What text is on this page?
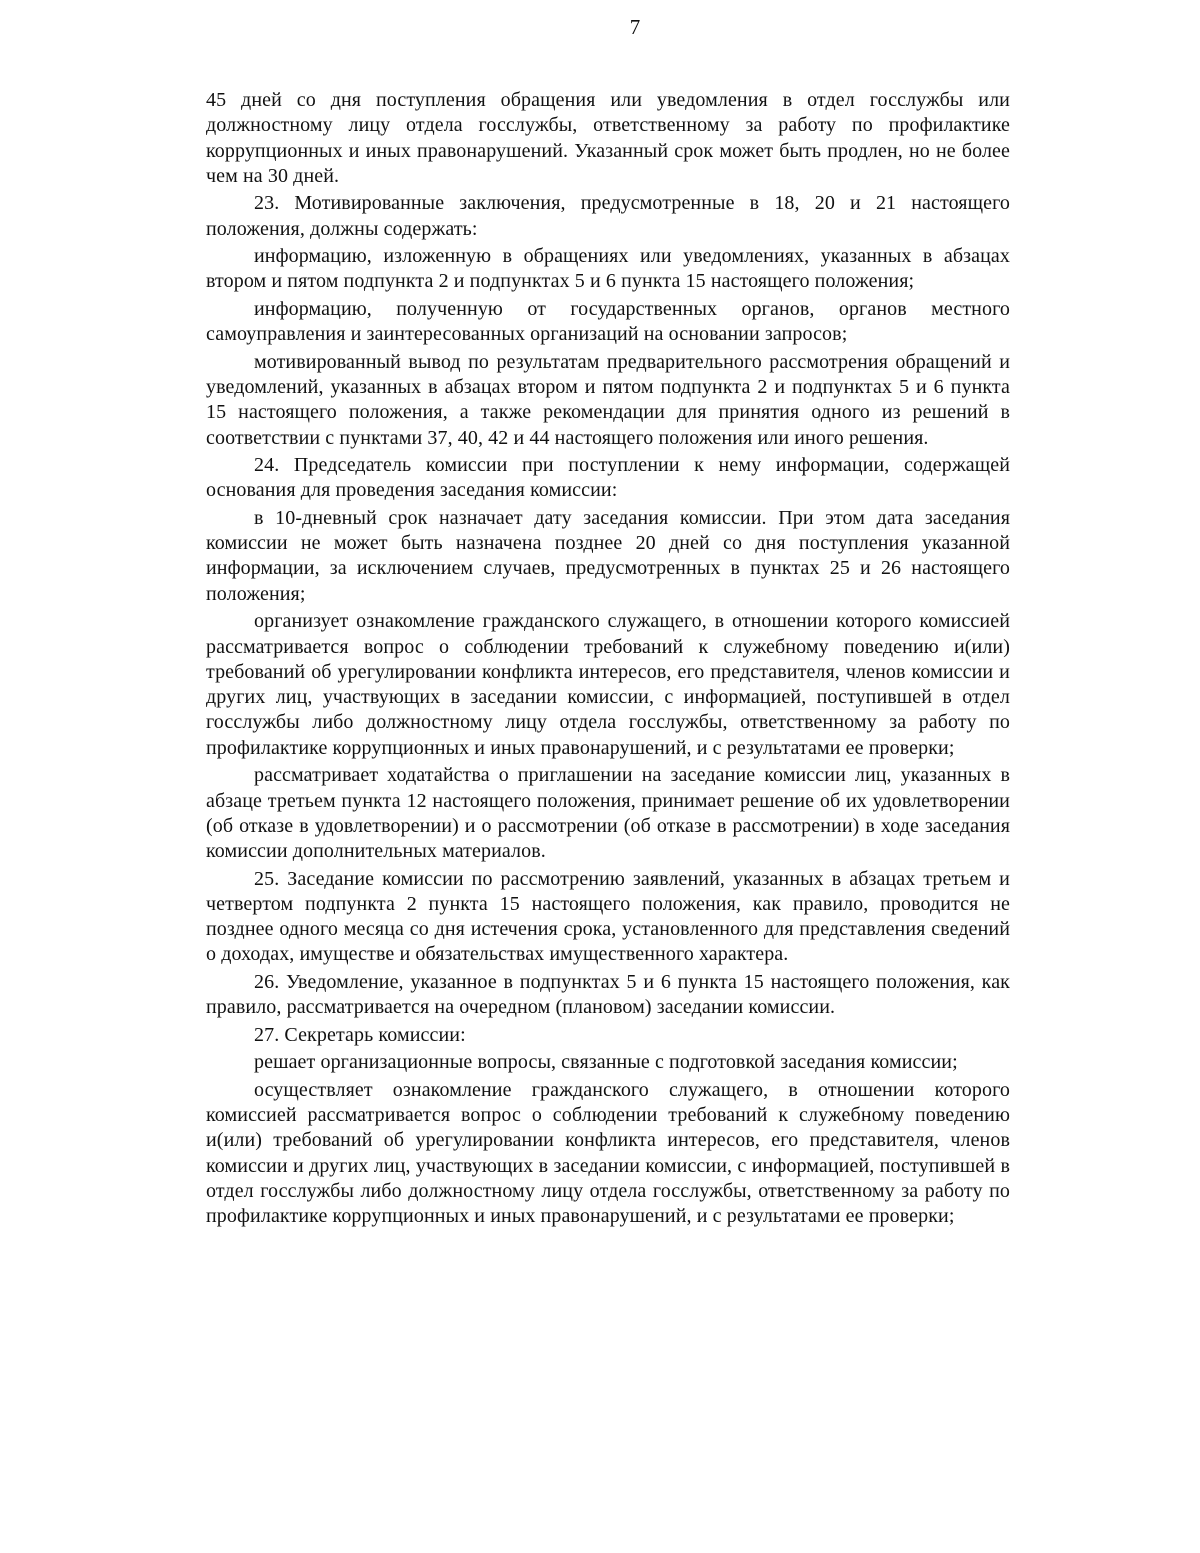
7

45 дней со дня поступления обращения или уведомления в отдел госслужбы или должностному лицу отдела госслужбы, ответственному за работу по профилактике коррупционных и иных правонарушений. Указанный срок может быть продлен, но не более чем на 30 дней.

23. Мотивированные заключения, предусмотренные в 18, 20 и 21 настоящего положения, должны содержать:

информацию, изложенную в обращениях или уведомлениях, указанных в абзацах втором и пятом подпункта 2 и подпунктах 5 и 6 пункта 15 настоящего положения;

информацию, полученную от государственных органов, органов местного самоуправления и заинтересованных организаций на основании запросов;

мотивированный вывод по результатам предварительного рассмотрения обращений и уведомлений, указанных в абзацах втором и пятом подпункта 2 и подпунктах 5 и 6 пункта 15 настоящего положения, а также рекомендации для принятия одного из решений в соответствии с пунктами 37, 40, 42 и 44 настоящего положения или иного решения.

24. Председатель комиссии при поступлении к нему информации, содержащей основания для проведения заседания комиссии:

в 10-дневный срок назначает дату заседания комиссии. При этом дата заседания комиссии не может быть назначена позднее 20 дней со дня поступления указанной информации, за исключением случаев, предусмотренных в пунктах 25 и 26 настоящего положения;

организует ознакомление гражданского служащего, в отношении которого комиссией рассматривается вопрос о соблюдении требований к служебному поведению и(или) требований об урегулировании конфликта интересов, его представителя, членов комиссии и других лиц, участвующих в заседании комиссии, с информацией, поступившей в отдел госслужбы либо должностному лицу отдела госслужбы, ответственному за работу по профилактике коррупционных и иных правонарушений, и с результатами ее проверки;

рассматривает ходатайства о приглашении на заседание комиссии лиц, указанных в абзаце третьем пункта 12 настоящего положения, принимает решение об их удовлетворении (об отказе в удовлетворении) и о рассмотрении (об отказе в рассмотрении) в ходе заседания комиссии дополнительных материалов.

25. Заседание комиссии по рассмотрению заявлений, указанных в абзацах третьем и четвертом подпункта 2 пункта 15 настоящего положения, как правило, проводится не позднее одного месяца со дня истечения срока, установленного для представления сведений о доходах, имуществе и обязательствах имущественного характера.

26. Уведомление, указанное в подпунктах 5 и 6 пункта 15 настоящего положения, как правило, рассматривается на очередном (плановом) заседании комиссии.

27. Секретарь комиссии:

решает организационные вопросы, связанные с подготовкой заседания комиссии;

осуществляет ознакомление гражданского служащего, в отношении которого комиссией рассматривается вопрос о соблюдении требований к служебному поведению и(или) требований об урегулировании конфликта интересов, его представителя, членов комиссии и других лиц, участвующих в заседании комиссии, с информацией, поступившей в отдел госслужбы либо должностному лицу отдела госслужбы, ответственному за работу по профилактике коррупционных и иных правонарушений, и с результатами ее проверки;
